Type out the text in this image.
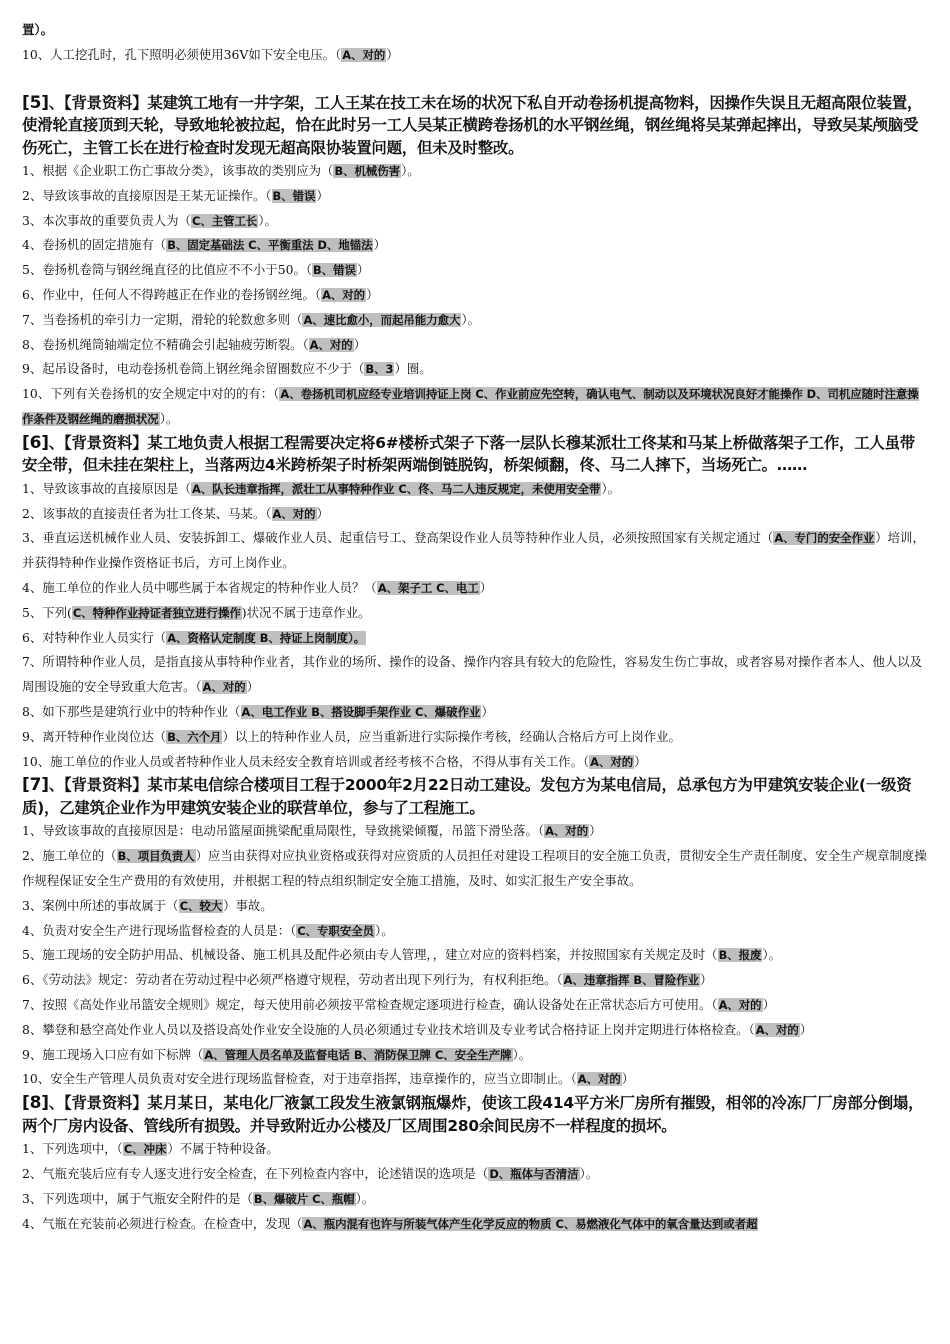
置）。

10、人工挖孔时，孔下照明必须使用36V如下安全电压。（A、对的）

[5]、【背景资料】某建筑工地有一井字架，工人王某在技工未在场的状况下私自开动卷扬机提高物料，因操作失误且无超高限位装置，使滑轮直接顶到天轮，导致地轮被拉起，恰在此时另一工人吴某正横跨卷扬机的水平钢丝绳，钢丝绳将吴某弹起摔出，导致吴某颅脑受伤死亡，主管工长在进行检查时发现无超高限协装置问题，但未及时整改。

1、根据《企业职工伤亡事故分类》，该事故的类别应为（B、机械伤害）。

2、导致该事故的直接原因是王某无证操作。（B、错误）

3、本次事故的重要负责人为（C、主管工长）。

4、卷扬机的固定措施有（B、固定基础法 C、平衡重法 D、地锚法）

5、卷扬机卷筒与钢丝绳直径的比值应不不小于50。（B、错误）

6、作业中，任何人不得跨越正在作业的卷扬钢丝绳。（A、对的）

7、当卷扬机的牵引力一定期，滑轮的轮数愈多则（A、速比愈小，而起吊能力愈大）。

8、卷扬机绳筒轴端定位不精确会引起轴疲劳断裂。（A、对的）

9、起吊设备时，电动卷扬机卷筒上钢丝绳余留圈数应不少于（B、3）圈。

10、下列有关卷扬机的安全规定中对的的有：（A、卷扬机司机应经专业培训持证上岗 C、作业前应先空转，确认电气、制动以及环境状况良好才能操作 D、司机应随时注意操作条件及钢丝绳的磨损状况）。

[6]、【背景资料】某工地负责人根据工程需要决定将6#楼桥式架子下落一层队长穆某派壮工佟某和马某上桥做落架子工作，工人虽带安全带，但未挂在架柱上，当落两边4米跨桥架子时桥架两端倒链脱钩，桥架倾翻，佟、马二人摔下，当场死亡。……

1、导致该事故的直接原因是（A、队长违章指挥，派壮工从事特种作业 C、佟、马二人违反规定，未使用安全带）。

2、该事故的直接责任者为壮工佟某、马某。（A、对的）

3、垂直运送机械作业人员、安装拆卸工、爆破作业人员、起重信号工、登高架设作业人员等特种作业人员，必须按照国家有关规定通过（A、专门的安全作业）培训，并获得特种作业操作资格证书后，方可上岗作业。

4、施工单位的作业人员中哪些属于本省规定的特种作业人员？（A、架子工 C、电工）

5、下列(C、特种作业持证者独立进行操作)状况不属于违章作业。

6、对特种作业人员实行（A、资格认定制度 B、持证上岗制度）。

7、所谓特种作业人员，是指直接从事特种作业者，其作业的场所、操作的设备、操作内容具有较大的危险性，容易发生伤亡事故，或者容易对操作者本人、他人以及周围设施的安全导致重大危害。（A、对的）

8、如下那些是建筑行业中的特种作业（A、电工作业 B、搭设脚手架作业 C、爆破作业）

9、离开特种作业岗位达（B、六个月）以上的特种作业人员，应当重新进行实际操作考核，经确认合格后方可上岗作业。

10、施工单位的作业人员或者特种作业人员未经安全教育培训或者经考核不合格，不得从事有关工作。（A、对的）

[7]、【背景资料】某市某电信综合楼项目工程于2000年2月22日动工建设。发包方为某电信局，总承包方为甲建筑安装企业(一级资质)，乙建筑企业作为甲建筑安装企业的联营单位，参与了工程施工。

1、导致该事故的直接原因是：电动吊篮屋面挑梁配重局限性，导致挑梁倾覆，吊篮下滑坠落。（A、对的）

2、施工单位的（B、项目负责人）应当由获得对应执业资格或获得对应资质的人员担任对建设工程项目的安全施工负责，贯彻安全生产责任制度、安全生产规章制度操作规程保证安全生产费用的有效使用，并根据工程的特点组织制定安全施工措施，及时、如实汇报生产安全事故。

3、案例中所述的事故属于（C、较大）事故。

4、负责对安全生产进行现场监督检查的人员是：（C、专职安全员）。

5、施工现场的安全防护用品、机械设备、施工机具及配件必须由专人管理，，建立对应的资料档案，并按照国家有关规定及时（B、报废）。

6、《劳动法》规定：劳动者在劳动过程中必须严格遵守规程，劳动者出现下列行为，有权利拒绝。（A、违章指挥 B、冒险作业）

7、按照《高处作业吊篮安全规则》规定，每天使用前必须按平常检查规定逐项进行检查，确认设备处在正常状态后方可使用。（A、对的）

8、攀登和悬空高处作业人员以及搭设高处作业安全设施的人员必须通过专业技术培训及专业考试合格持证上岗并定期进行体格检查。（A、对的）

9、施工现场入口应有如下标牌（A、管理人员名单及监督电话 B、消防保卫牌 C、安全生产牌）。

10、安全生产管理人员负责对安全进行现场监督检查，对于违章指挥，违章操作的，应当立即制止。（A、对的）

[8]、【背景资料】某月某日，某电化厂液氯工段发生液氯钢瓶爆炸，使该工段414平方米厂房所有摧毁，相邻的冷冻厂厂房部分倒塌，两个厂房内设备、管线所有损毁。并导致附近办公楼及厂区周围280余间民房不一样程度的损坏。

1、下列选项中，（C、冲床）不属于特种设备。

2、气瓶充装后应有专人逐支进行安全检查，在下列检查内容中，论述错误的选项是（D、瓶体与否清洁）。

3、下列选项中，属于气瓶安全附件的是（B、爆破片 C、瓶帽）。

4、气瓶在充装前必须进行检查。在检查中，发现（A、瓶内混有也许与所装气体产生化学反应的物质 C、易燃液化气体中的氧含量达到或者超
